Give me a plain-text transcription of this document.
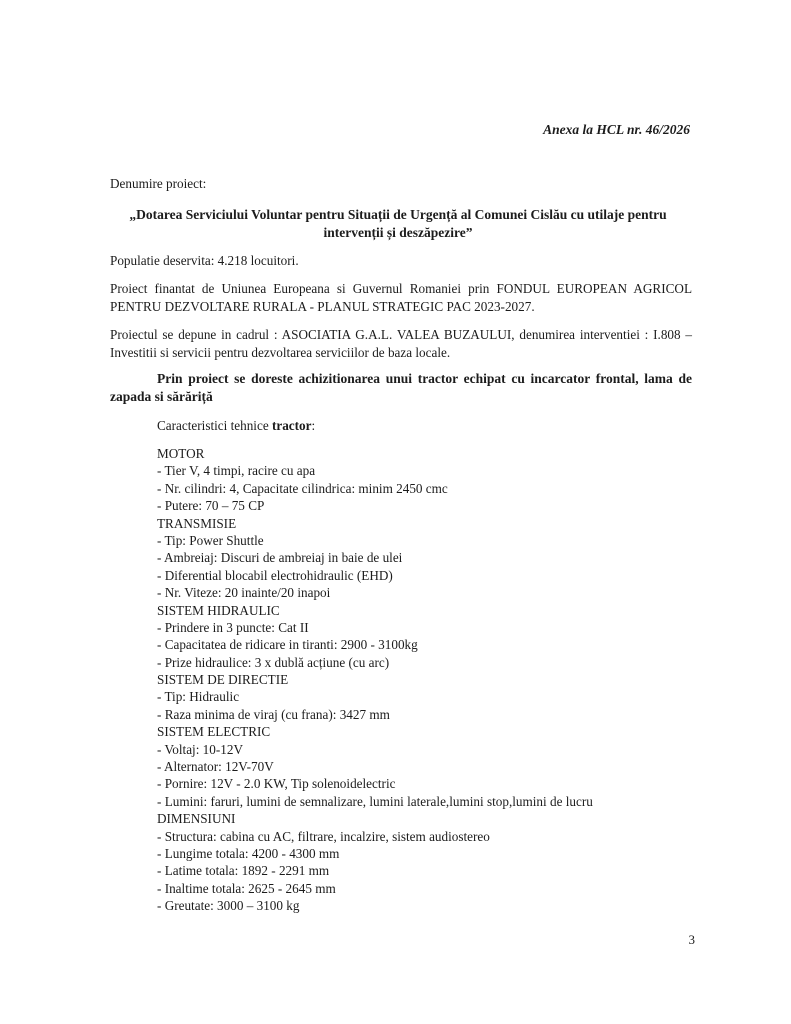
Anexa la HCL nr. 46/2026
Denumire proiect:
„Dotarea Serviciului Voluntar pentru Situații de Urgență al Comunei Cislău cu utilaje pentru intervenții și deszăpezire”
Populatie deservita: 4.218 locuitori.
Proiect finantat de Uniunea Europeana si Guvernul Romaniei prin FONDUL EUROPEAN AGRICOL PENTRU DEZVOLTARE RURALA - PLANUL STRATEGIC PAC 2023-2027.
Proiectul se depune in cadrul : ASOCIATIA G.A.L. VALEA BUZAULUI, denumirea interventiei : I.808 – Investitii si servicii pentru dezvoltarea serviciilor de baza locale.
Prin proiect se doreste achizitionarea unui tractor echipat cu incarcator frontal, lama de zapada si sărăriță
Caracteristici tehnice tractor:
MOTOR
- Tier V, 4 timpi, racire cu apa
- Nr. cilindri: 4, Capacitate cilindrica: minim 2450 cmc
- Putere: 70 – 75 CP
TRANSMISIE
- Tip: Power Shuttle
- Ambreiaj: Discuri de ambreiaj in baie de ulei
- Diferential blocabil electrohidraulic (EHD)
- Nr. Viteze: 20 inainte/20 inapoi
SISTEM HIDRAULIC
- Prindere in 3 puncte: Cat II
- Capacitatea de ridicare in tiranti: 2900 - 3100kg
- Prize hidraulice: 3 x dublă acțiune (cu arc)
SISTEM DE DIRECTIE
- Tip: Hidraulic
- Raza minima de viraj (cu frana): 3427 mm
SISTEM ELECTRIC
- Voltaj: 10-12V
- Alternator: 12V-70V
- Pornire: 12V - 2.0 KW, Tip solenoidelectric
- Lumini: faruri, lumini de semnalizare, lumini laterale,lumini stop,lumini de lucru
DIMENSIUNI
- Structura: cabina cu AC, filtrare, incalzire, sistem audiostereo
- Lungime totala: 4200 - 4300 mm
- Latime totala: 1892 - 2291 mm
- Inaltime totala: 2625 - 2645 mm
- Greutate: 3000 – 3100 kg
3
